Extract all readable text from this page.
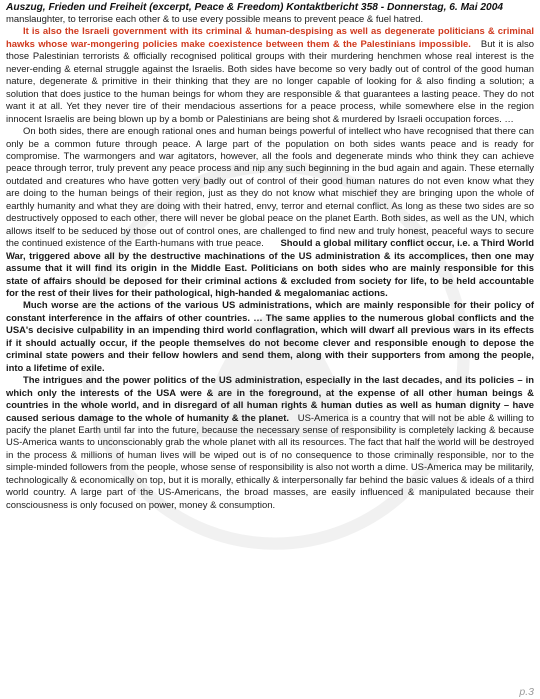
Auszug, Frieden und Freiheit (excerpt, Peace & Freedom) Kontaktbericht 358 - Donnerstag, 6. Mai 2004

manslaughter, to terrorise each other & to use every possible means to prevent peace & fuel hatred.

It is also the Israeli government with its criminal & human-despising as well as degenerate politicians & criminal hawks whose war-mongering policies make coexistence between them & the Palestinians impossible. But it is also those Palestinian terrorists & officially recognised political groups with their murdering henchmen whose real interest is the never-ending & eternal struggle against the Israelis. Both sides have become so very badly out of control of the good human nature, degenerate & primitive in their thinking that they are no longer capable of looking for & also finding a solution; a solution that does justice to the human beings for whom they are responsible & that guarantees a lasting peace. They do not want it at all. Yet they never tire of their mendacious assertions for a peace process, while somewhere else in the region innocent Israelis are being blown up by a bomb or Palestinians are being shot & murdered by Israeli occupation forces. …

On both sides, there are enough rational ones and human beings powerful of intellect who have recognised that there can only be a common future through peace. A large part of the population on both sides wants peace and is ready for compromise. The warmongers and war agitators, however, all the fools and degenerate minds who think they can achieve peace through terror, truly prevent any peace process and nip any such beginning in the bud again and again. These eternally outdated and creatures who have gotten very badly out of control of their good human natures do not even know what they are doing to the human beings of their region, just as they do not know what mischief they are bringing upon the whole of earthly humanity and what they are doing with their hatred, envy, terror and eternal conflict. As long as these two sides are so destructively opposed to each other, there will never be global peace on the planet Earth. Both sides, as well as the UN, which allows itself to be seduced by those out of control ones, are challenged to find new and truly honest, peaceful ways to secure the continued existence of the Earth-humans with true peace. Should a global military conflict occur, i.e. a Third World War, triggered above all by the destructive machinations of the US administration & its accomplices, then one may assume that it will find its origin in the Middle East. Politicians on both sides who are mainly responsible for this state of affairs should be deposed for their criminal actions & excluded from society for life, to be held accountable for the rest of their lives for their pathological, high-handed & megalomaniac actions.

Much worse are the actions of the various US administrations, which are mainly responsible for their policy of constant interference in the affairs of other countries. … The same applies to the numerous global conflicts and the USA's decisive culpability in an impending third world conflagration, which will dwarf all previous wars in its effects if it should actually occur, if the people themselves do not become clever and responsible enough to depose the criminal state powers and their fellow howlers and send them, along with their supporters from among the people, into a lifetime of exile.

The intrigues and the power politics of the US administration, especially in the last decades, and its policies – in which only the interests of the USA were & are in the foreground, at the expense of all other human beings & countries in the whole world, and in disregard of all human rights & human duties as well as human dignity – have caused serious damage to the whole of humanity & the planet. US-America is a country that will not be able & willing to pacify the planet Earth until far into the future, because the necessary sense of responsibility is completely lacking & because US-America wants to unconscionably grab the whole planet with all its resources. The fact that half the world will be destroyed in the process & millions of human lives will be wiped out is of no consequence to those criminally responsible, nor to the simple-minded followers from the people, whose sense of responsibility is also not worth a dime. US-America may be militarily, technologically & economically on top, but it is morally, ethically & interpersonally far behind the basic values & ideals of a third world country. A large part of the US-Americans, the broad masses, are easily influenced & manipulated because their consciousness is only focused on power, money & consumption.

p.3
